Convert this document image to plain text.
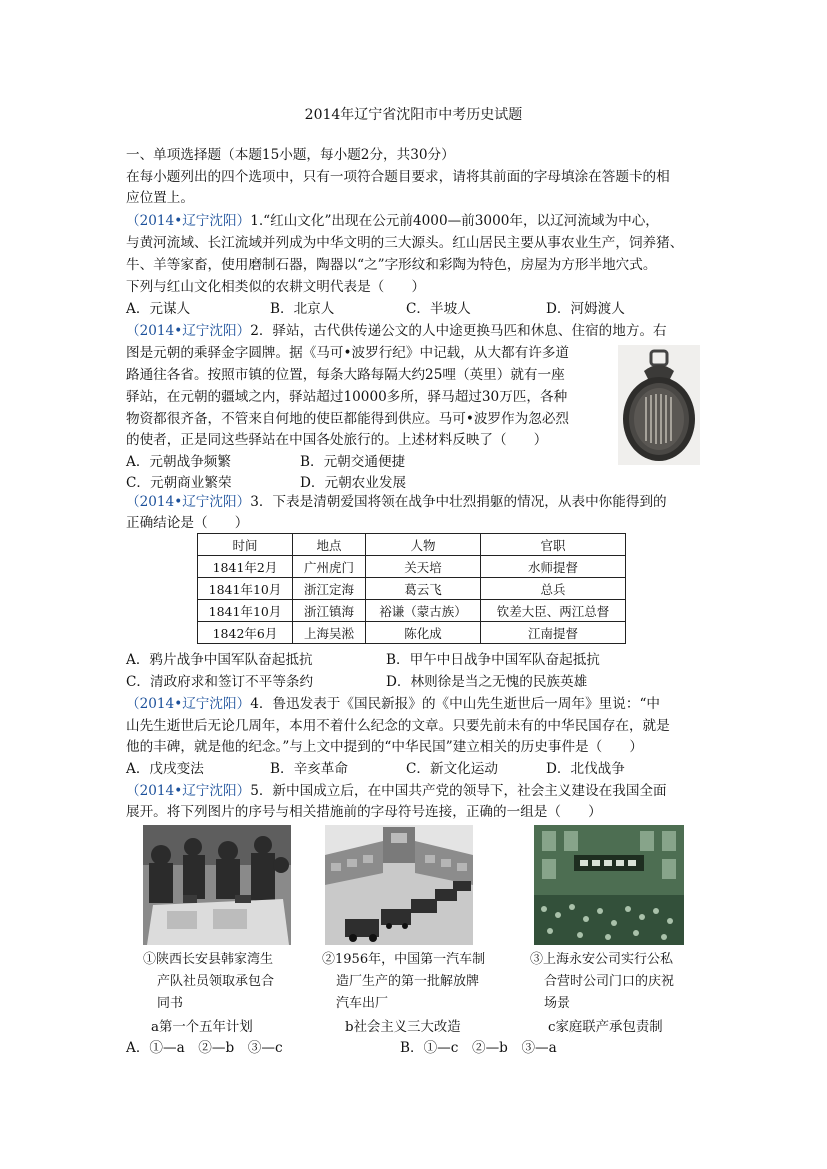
2014年辽宁省沈阳市中考历史试题
一、单项选择题（本题15小题，每小题2分，共30分）
在每小题列出的四个选项中，只有一项符合题目要求，请将其前面的字母填涂在答题卡的相
应位置上。
（2014•辽宁沈阳）1.“红山文化”出现在公元前4000—前3000年，以辽河流域为中心，
与黄河流域、长江流域并列成为中华文明的三大源头。红山居民主要从事农业生产，饲养猪、
牛、羊等家畜，使用磨制石器，陶器以“之”字形纹和彩陶为特色，房屋为方形半地穴式。
下列与红山文化相类似的农耕文明代表是（　　）
A．元谋人	B．北京人	C．半坡人	D．河姆渡人
（2014•辽宁沈阳）2．驿站，古代供传递公文的人中途更换马匹和休息、住宿的地方。右
图是元朝的乘驿金字圆牌。据《马可•波罗行纪》中记载，从大都有许多道
路通往各省。按照市镇的位置，每条大路每隔大约25哩（英里）就有一座
驿站，在元朝的疆域之内，驿站超过10000多所，驿马超过30万匹，各种
物资都很齐备，不管来自何地的使臣都能得到供应。马可•波罗作为忽必烈
的使者，正是同这些驿站在中国各处旅行的。上述材料反映了（　　）
A．元朝战争频繁	B．元朝交通便捷
C．元朝商业繁荣	D．元朝农业发展
（2014•辽宁沈阳）3．下表是清朝爱国将领在战争中壮烈捐躯的情况，从表中你能得到的
正确结论是（　　）
时间	地点	人物	官职
1841年2月	广州虎门	关天培	水师提督
1841年10月	浙江定海	葛云飞	总兵
1841年10月	浙江镇海	裕谦（蒙古族）	钦差大臣、两江总督
1842年6月	上海吴淞	陈化成	江南提督
A．鸦片战争中国军队奋起抵抗	B．甲午中日战争中国军队奋起抵抗
C．清政府求和签订不平等条约	D．林则徐是当之无愧的民族英雄
（2014•辽宁沈阳）4．鲁迅发表于《国民新报》的《中山先生逝世后一周年》里说：“中
山先生逝世后无论几周年，本用不着什么纪念的文章。只要先前未有的中华民国存在，就是
他的丰碑，就是他的纪念。”与上文中提到的“中华民国”建立相关的历史事件是（　　）
A．戊戌变法	B．辛亥革命	C．新文化运动	D．北伐战争
（2014•辽宁沈阳）5．新中国成立后，在中国共产党的领导下，社会主义建设在我国全面
展开。将下列图片的序号与相关措施前的字母符号连接，正确的一组是（　　）
①陕西长安县韩家湾生
产队社员领取承包合
同书
②1956年，中国第一汽车制
造厂生产的第一批解放牌
汽车出厂
③上海永安公司实行公私
合营时公司门口的庆祝
场景
a第一个五年计划	b社会主义三大改造	c家庭联产承包责制
A．①—a　②—b　③—c	B．①—c　②—b　③—a
